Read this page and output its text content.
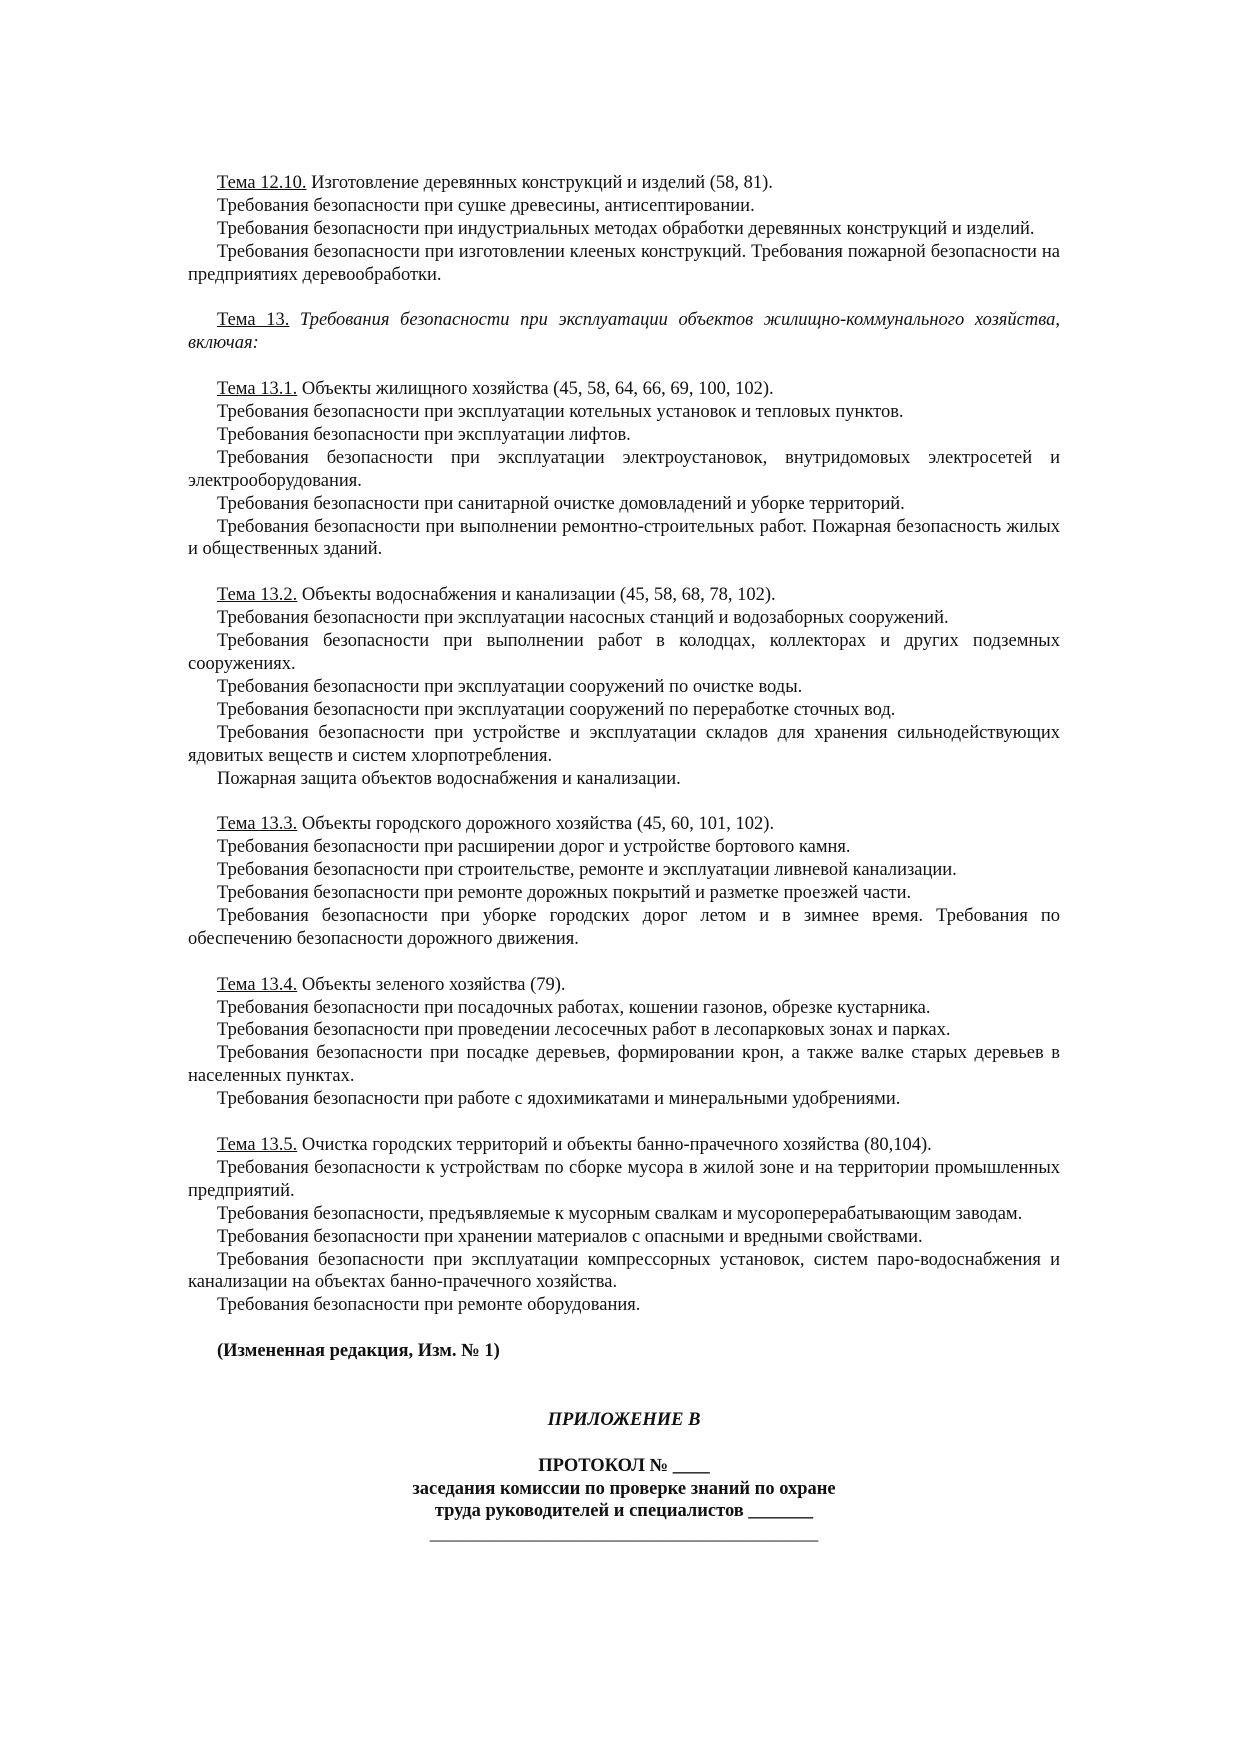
Тема 12.10. Изготовление деревянных конструкций и изделий (58, 81).

Требования безопасности при сушке древесины, антисептировании.

Требования безопасности при индустриальных методах обработки деревянных конструкций и изделий.

Требования безопасности при изготовлении клееных конструкций. Требования пожарной безопасности на предприятиях деревообработки.

Тема 13. Требования безопасности при эксплуатации объектов жилищно-коммунального хозяйства, включая:

Тема 13.1. Объекты жилищного хозяйства (45, 58, 64, 66, 69, 100, 102).

Требования безопасности при эксплуатации котельных установок и тепловых пунктов.

Требования безопасности при эксплуатации лифтов.

Требования безопасности при эксплуатации электроустановок, внутридомовых электросетей и электрооборудования.

Требования безопасности при санитарной очистке домовладений и уборке территорий.

Требования безопасности при выполнении ремонтно-строительных работ. Пожарная безопасность жилых и общественных зданий.

Тема 13.2. Объекты водоснабжения и канализации (45, 58, 68, 78, 102).

Требования безопасности при эксплуатации насосных станций и водозаборных сооружений.

Требования безопасности при выполнении работ в колодцах, коллекторах и других подземных сооружениях.

Требования безопасности при эксплуатации сооружений по очистке воды.

Требования безопасности при эксплуатации сооружений по переработке сточных вод.

Требования безопасности при устройстве и эксплуатации складов для хранения сильнодействующих ядовитых веществ и систем хлорпотребления.

Пожарная защита объектов водоснабжения и канализации.

Тема 13.3. Объекты городского дорожного хозяйства (45, 60, 101, 102).

Требования безопасности при расширении дорог и устройстве бортового камня.

Требования безопасности при строительстве, ремонте и эксплуатации ливневой канализации.

Требования безопасности при ремонте дорожных покрытий и разметке проезжей части.

Требования безопасности при уборке городских дорог летом и в зимнее время. Требования по обеспечению безопасности дорожного движения.

Тема 13.4. Объекты зеленого хозяйства (79).

Требования безопасности при посадочных работах, кошении газонов, обрезке кустарника.

Требования безопасности при проведении лесосечных работ в лесопарковых зонах и парках.

Требования безопасности при посадке деревьев, формировании крон, а также валке старых деревьев в населенных пунктах.

Требования безопасности при работе с ядохимикатами и минеральными удобрениями.

Тема 13.5. Очистка городских территорий и объекты банно-прачечного хозяйства (80,104).

Требования безопасности к устройствам по сборке мусора в жилой зоне и на территории промышленных предприятий.

Требования безопасности, предъявляемые к мусорным свалкам и мусороперерабатывающим заводам.

Требования безопасности при хранении материалов с опасными и вредными свойствами.

Требования безопасности при эксплуатации компрессорных установок, систем паро-водоснабжения и канализации на объектах банно-прачечного хозяйства.

Требования безопасности при ремонте оборудования.

(Измененная редакция, Изм. № 1)

ПРИЛОЖЕНИЕ В

ПРОТОКОЛ № ____

заседания комиссии по проверке знаний по охране

труда руководителей и специалистов _______

__________________________________________
